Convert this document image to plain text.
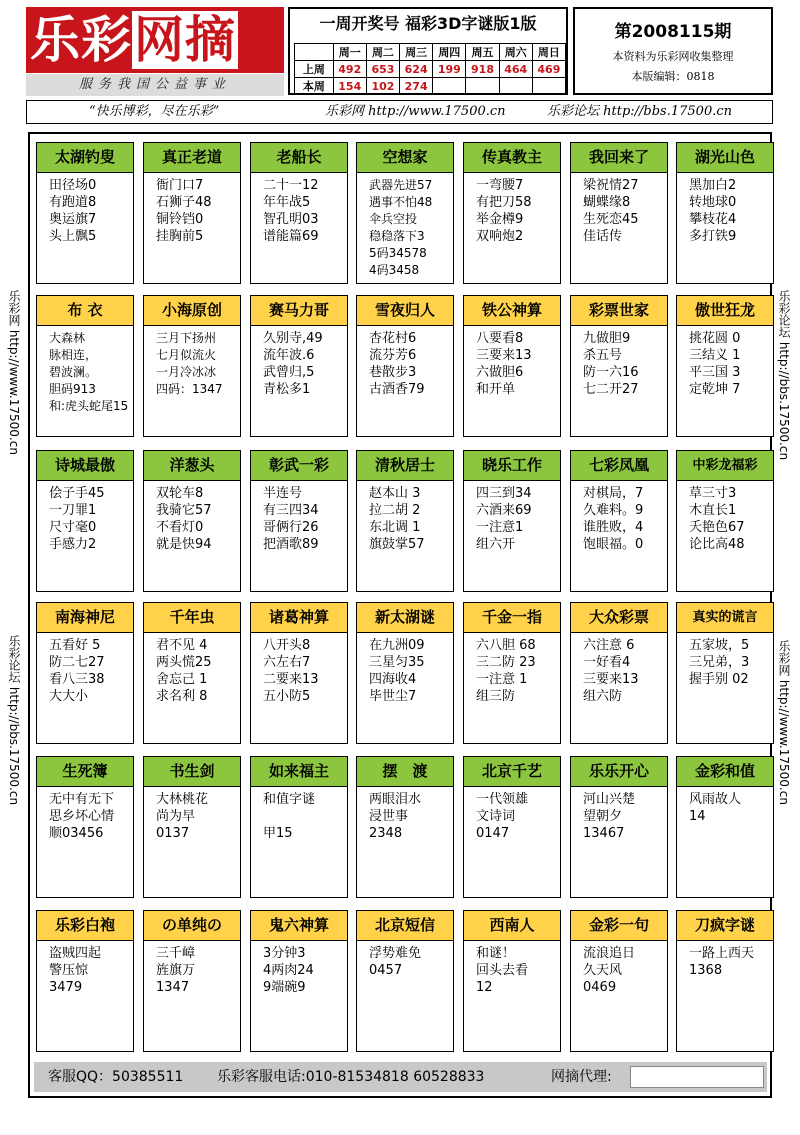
乐彩网摘
服务我国公益事业
一周开奖号 福彩3D字谜版1版
	周一	周二	周三	周四	周五	周六	周日
上周	492	653	624	199	918	464	469
本周	154	102	274				
第2008115期
本资料为乐彩网收集整理
本版编辑：0818
“快乐博彩，尽在乐彩”	乐彩网 http://www.17500.cn	乐彩论坛 http://bbs.17500.cn
乐彩网 http://www.17500.cn
乐彩论坛 http://bbs.17500.cn
乐彩论坛 http://bbs.17500.cn
乐彩网 http://www.17500.cn
太湖钓叟
田径场0
有跑道8
奥运旗7
头上飘5
真正老道
衙门口7
石狮子48
铜铃铛0
挂胸前5
老船长
二十一12
年年战5
智孔明03
谱能篇69
空想家
武器先进57
遇事不怕48
伞兵空投
稳稳落下3
5码34578
4码3458
传真教主
一弯腰7
有把刀58
举金樽9
双响炮2
我回来了
梁祝情27
蝴蝶缘8
生死恋45
佳话传
湖光山色
黑加白2
转地球0
攀枝花4
多打铁9
布 衣
大森林
脉相连，
碧波澜。
胆码913
和:虎头蛇尾15
小海原创
三月下扬州
七月似流火
一月冷冰冰
四码：1347
赛马力哥
久别寺,49
流年波.6
武曾归,5
青松多1
雪夜归人
杏花村6
流芬芳6
巷散步3
古酒香79
铁公神算
八要看8
三要来13
六做胆6
和开单
彩票世家
九做胆9
杀五号
防一六16
七二开27
傲世狂龙
挑花圆 0
三结义 1
平三国 3
定乾坤 7
诗城最傲
侩子手45
一刀罪1
尺寸毫0
手感力2
洋葱头
双轮车8
我骑它57
不看灯0
就是快94
彰武一彩
半连号
有三四34
哥俩行26
把酒歌89
清秋居士
赵本山 3
拉二胡 2
东北调 1
旗鼓掌57
晓乐工作
四三到34
六酒来69
一注意1
组六开
七彩凤凰
对棋局，7
久难料。9
谁胜败，4
饱眼福。0
中彩龙福彩
草三寸3
木直长1
夭艳色67
论比高48
南海神尼
五看好 5
防二七27
看八三38
大大小
千年虫
君不见 4
两头慌25
舍忘己 1
求名利 8
诸葛神算
八开头8
六左右7
二要来13
五小防5
新太湖谜
在九洲09
三星匀35
四海收4
毕世尘7
千金一指
六八胆 68
三二防 23
一注意 1
组三防
大众彩票
六注意 6
一好看4
三要来13
组六防
真实的谎言
五家坡，5
三兄弟，3
握手别 02
生死簿
无中有无下
思乡坏心情
顺03456
书生剑
大林桃花
尚为早
0137
如来福主
和值字谜

甲15
摆　渡
两眼泪水
浸世事
2348
北京千艺
一代领雄
文诗词
0147
乐乐开心
河山兴楚
望朝夕
13467
金彩和值
风雨故人
14
乐彩白袍
盗贼四起
警压惊
3479
の单纯の
三千嶂
旌旗万
1347
鬼六神算
3分钟3
4两肉24
9端碗9
北京短信
浮势难免
0457
西南人
和谜！
回头去看
12
金彩一句
流浪追日
久天风
0469
刀疯字谜
一路上西天
1368
客服QQ：50385511 乐彩客服电话:010-81534818 60528833	网摘代理:
